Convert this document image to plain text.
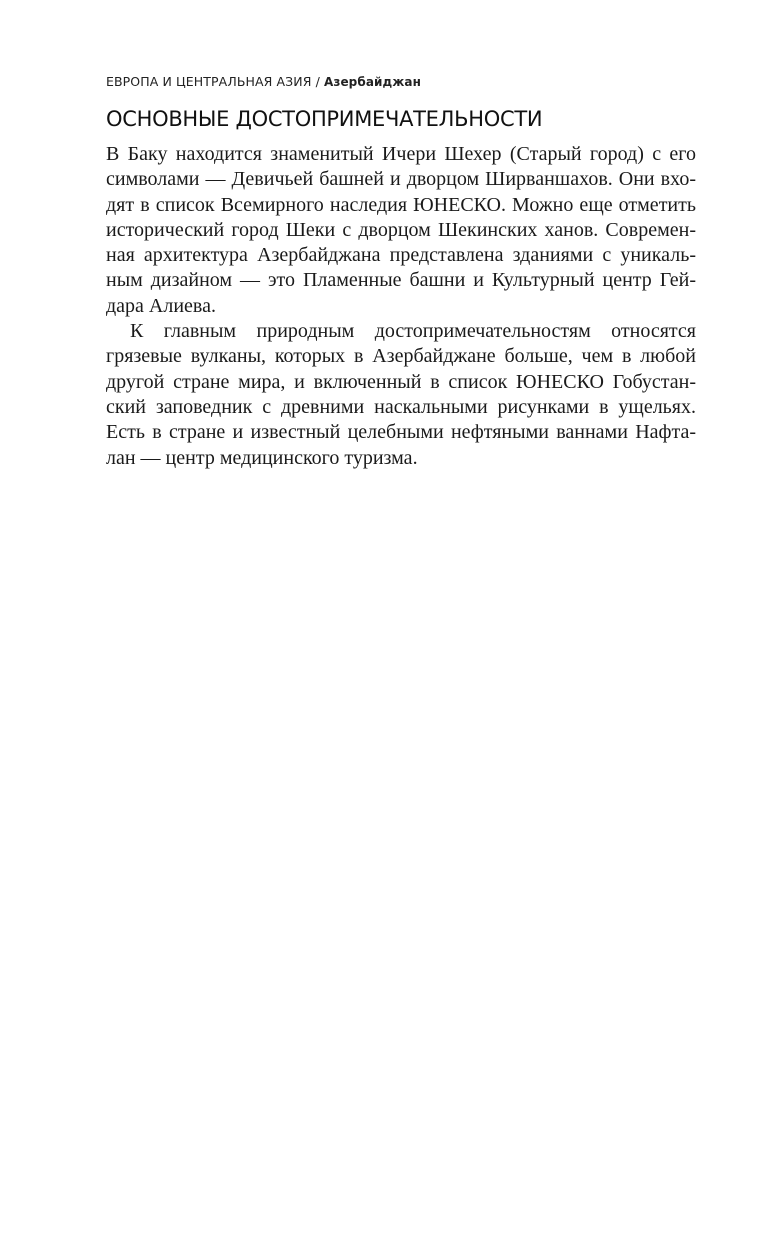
ЕВРОПА И ЦЕНТРАЛЬНАЯ АЗИЯ / Азербайджан
ОСНОВНЫЕ ДОСТОПРИМЕЧАТЕЛЬНОСТИ
В Баку находится знаменитый Ичери Шехер (Старый город) с его
символами — Девичьей башней и дворцом Ширваншахов. Они вхо-
дят в список Всемирного наследия ЮНЕСКО. Можно еще отметить
исторический город Шеки с дворцом Шекинских ханов. Современ-
ная архитектура Азербайджана представлена зданиями с уникаль-
ным дизайном — это Пламенные башни и Культурный центр Гей-
дара Алиева.
К главным природным достопримечательностям относятся
грязевые вулканы, которых в Азербайджане больше, чем в любой
другой стране мира, и включенный в список ЮНЕСКО Гобустан-
ский заповедник с древними наскальными рисунками в ущельях.
Есть в стране и известный целебными нефтяными ваннами Нафта-
лан — центр медицинского туризма.
